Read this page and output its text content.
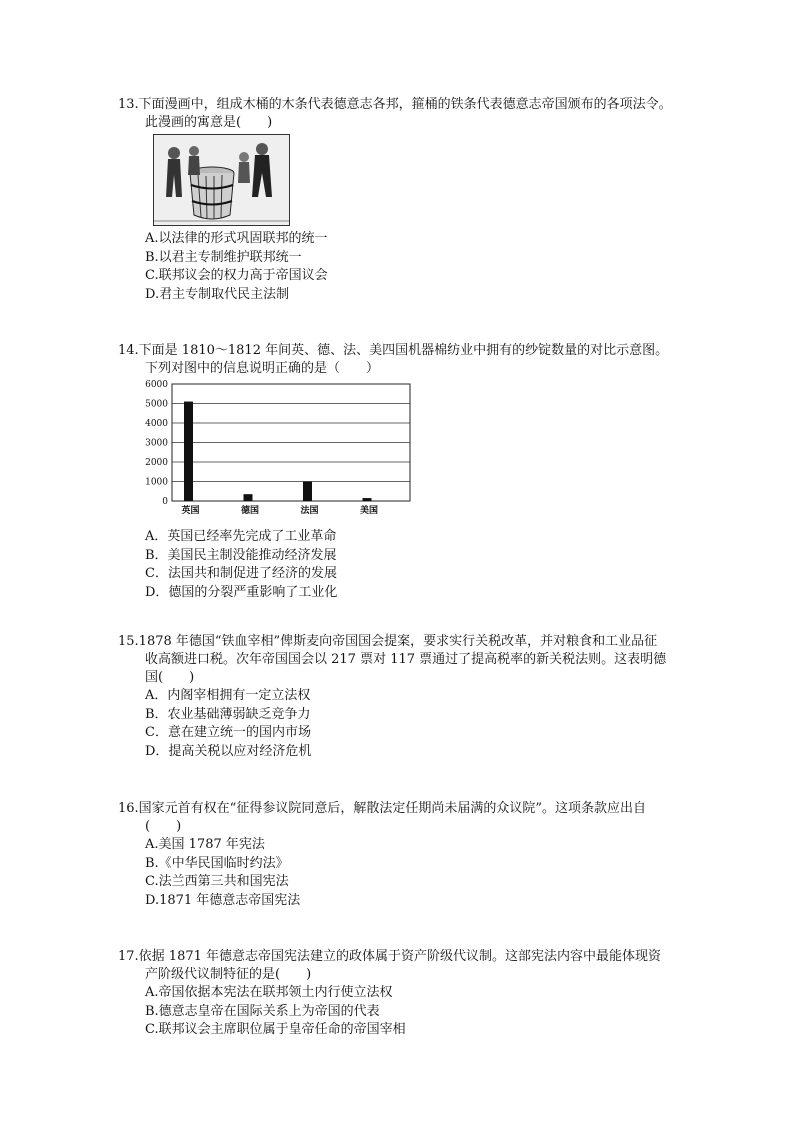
13.下面漫画中，组成木桶的木条代表德意志各邦，箍桶的铁条代表德意志帝国颁布的各项法令。

此漫画的寓意是(　　)

A.以法律的形式巩固联邦的统一
B.以君主专制维护联邦统一
C.联邦议会的权力高于帝国议会
D.君主专制取代民主法制

14.下面是 1810～1812 年间英、德、法、美四国机器棉纺业中拥有的纱锭数量的对比示意图。

下列对图中的信息说明正确的是（　　）

0
1000
2000
3000
4000
5000
6000
英国	德国	法国	美国
A．英国已经率先完成了工业革命
B．美国民主制没能推动经济发展
C．法国共和制促进了经济的发展
D．德国的分裂严重影响了工业化

15.1878 年德国“铁血宰相”俾斯麦向帝国国会提案，要求实行关税改革，并对粮食和工业品征

收高额进口税。次年帝国国会以 217 票对 117 票通过了提高税率的新关税法则。这表明德

国(　　)

A．内阁宰相拥有一定立法权
B．农业基础薄弱缺乏竞争力
C．意在建立统一的国内市场
D．提高关税以应对经济危机

16.国家元首有权在“征得参议院同意后，解散法定任期尚未届满的众议院”。这项条款应出自

(　　)

A.美国 1787 年宪法
B.《中华民国临时约法》
C.法兰西第三共和国宪法
D.1871 年德意志帝国宪法

17.依据 1871 年德意志帝国宪法建立的政体属于资产阶级代议制。这部宪法内容中最能体现资

产阶级代议制特征的是(　　)

A.帝国依据本宪法在联邦领土内行使立法权
B.德意志皇帝在国际关系上为帝国的代表
C.联邦议会主席职位属于皇帝任命的帝国宰相
